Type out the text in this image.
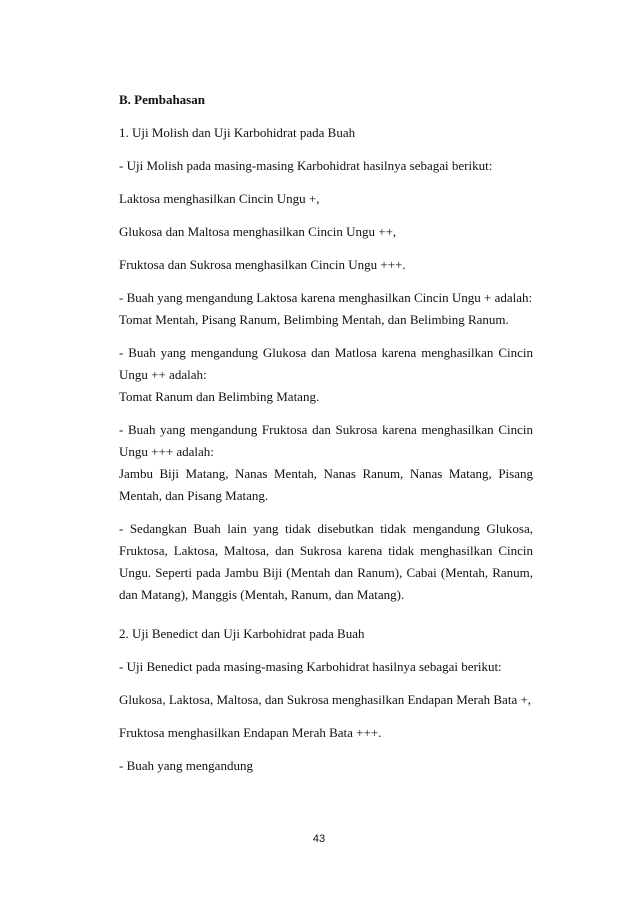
B. Pembahasan

1. Uji Molish dan Uji Karbohidrat pada Buah

- Uji Molish pada masing-masing Karbohidrat hasilnya sebagai berikut:

Laktosa menghasilkan Cincin Ungu +,

Glukosa dan Maltosa menghasilkan Cincin Ungu ++,

Fruktosa dan Sukrosa menghasilkan Cincin Ungu +++.

- Buah yang mengandung Laktosa karena menghasilkan Cincin Ungu + adalah:

Tomat Mentah, Pisang Ranum, Belimbing Mentah, dan Belimbing Ranum.

- Buah yang mengandung Glukosa dan Matlosa karena menghasilkan Cincin Ungu ++ adalah:

Tomat Ranum dan Belimbing Matang.

- Buah yang mengandung Fruktosa dan Sukrosa karena menghasilkan Cincin Ungu +++ adalah:

Jambu Biji Matang, Nanas Mentah, Nanas Ranum, Nanas Matang, Pisang Mentah, dan Pisang Matang.

- Sedangkan Buah lain yang tidak disebutkan tidak mengandung Glukosa, Fruktosa, Laktosa, Maltosa, dan Sukrosa karena tidak menghasilkan Cincin Ungu. Seperti pada Jambu Biji (Mentah dan Ranum), Cabai (Mentah, Ranum, dan Matang), Manggis (Mentah, Ranum, dan Matang).

2. Uji Benedict dan Uji Karbohidrat pada Buah

- Uji Benedict pada masing-masing Karbohidrat hasilnya sebagai berikut:

Glukosa, Laktosa, Maltosa, dan Sukrosa menghasilkan Endapan Merah Bata +,

Fruktosa menghasilkan Endapan Merah Bata +++.

- Buah yang mengandung

43
